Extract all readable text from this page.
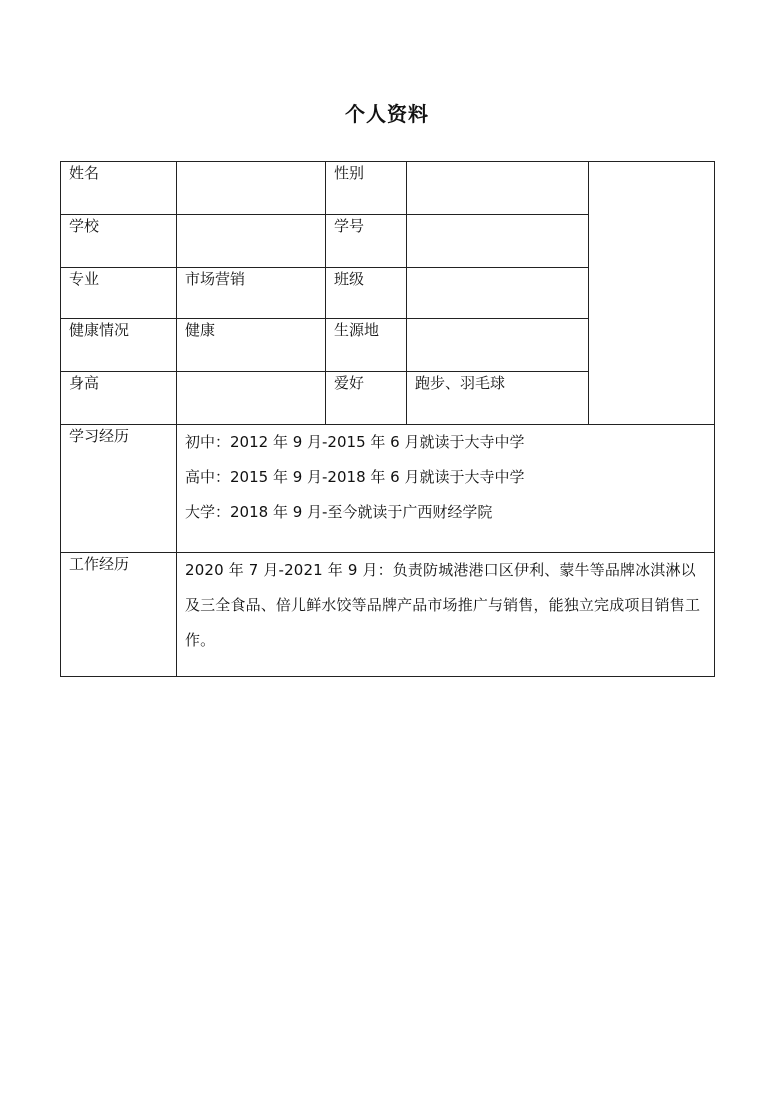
个人资料
姓名		性别		
学校		学号		
专业	市场营销	班级		
健康情况	健康	生源地		
身高		爱好	跑步、羽毛球	
学习经历	初中：2012 年 9 月-2015 年 6 月就读于大寺中学
高中：2015 年 9 月-2018 年 6 月就读于大寺中学
大学：2018 年 9 月-至今就读于广西财经学院			

工作经历	2020 年 7 月-2021 年 9 月：负责防城港港口区伊利、蒙牛等品牌冰淇淋以及三全食品、倍儿鲜水饺等品牌产品市场推广与销售，能独立完成项目销售工作。			
